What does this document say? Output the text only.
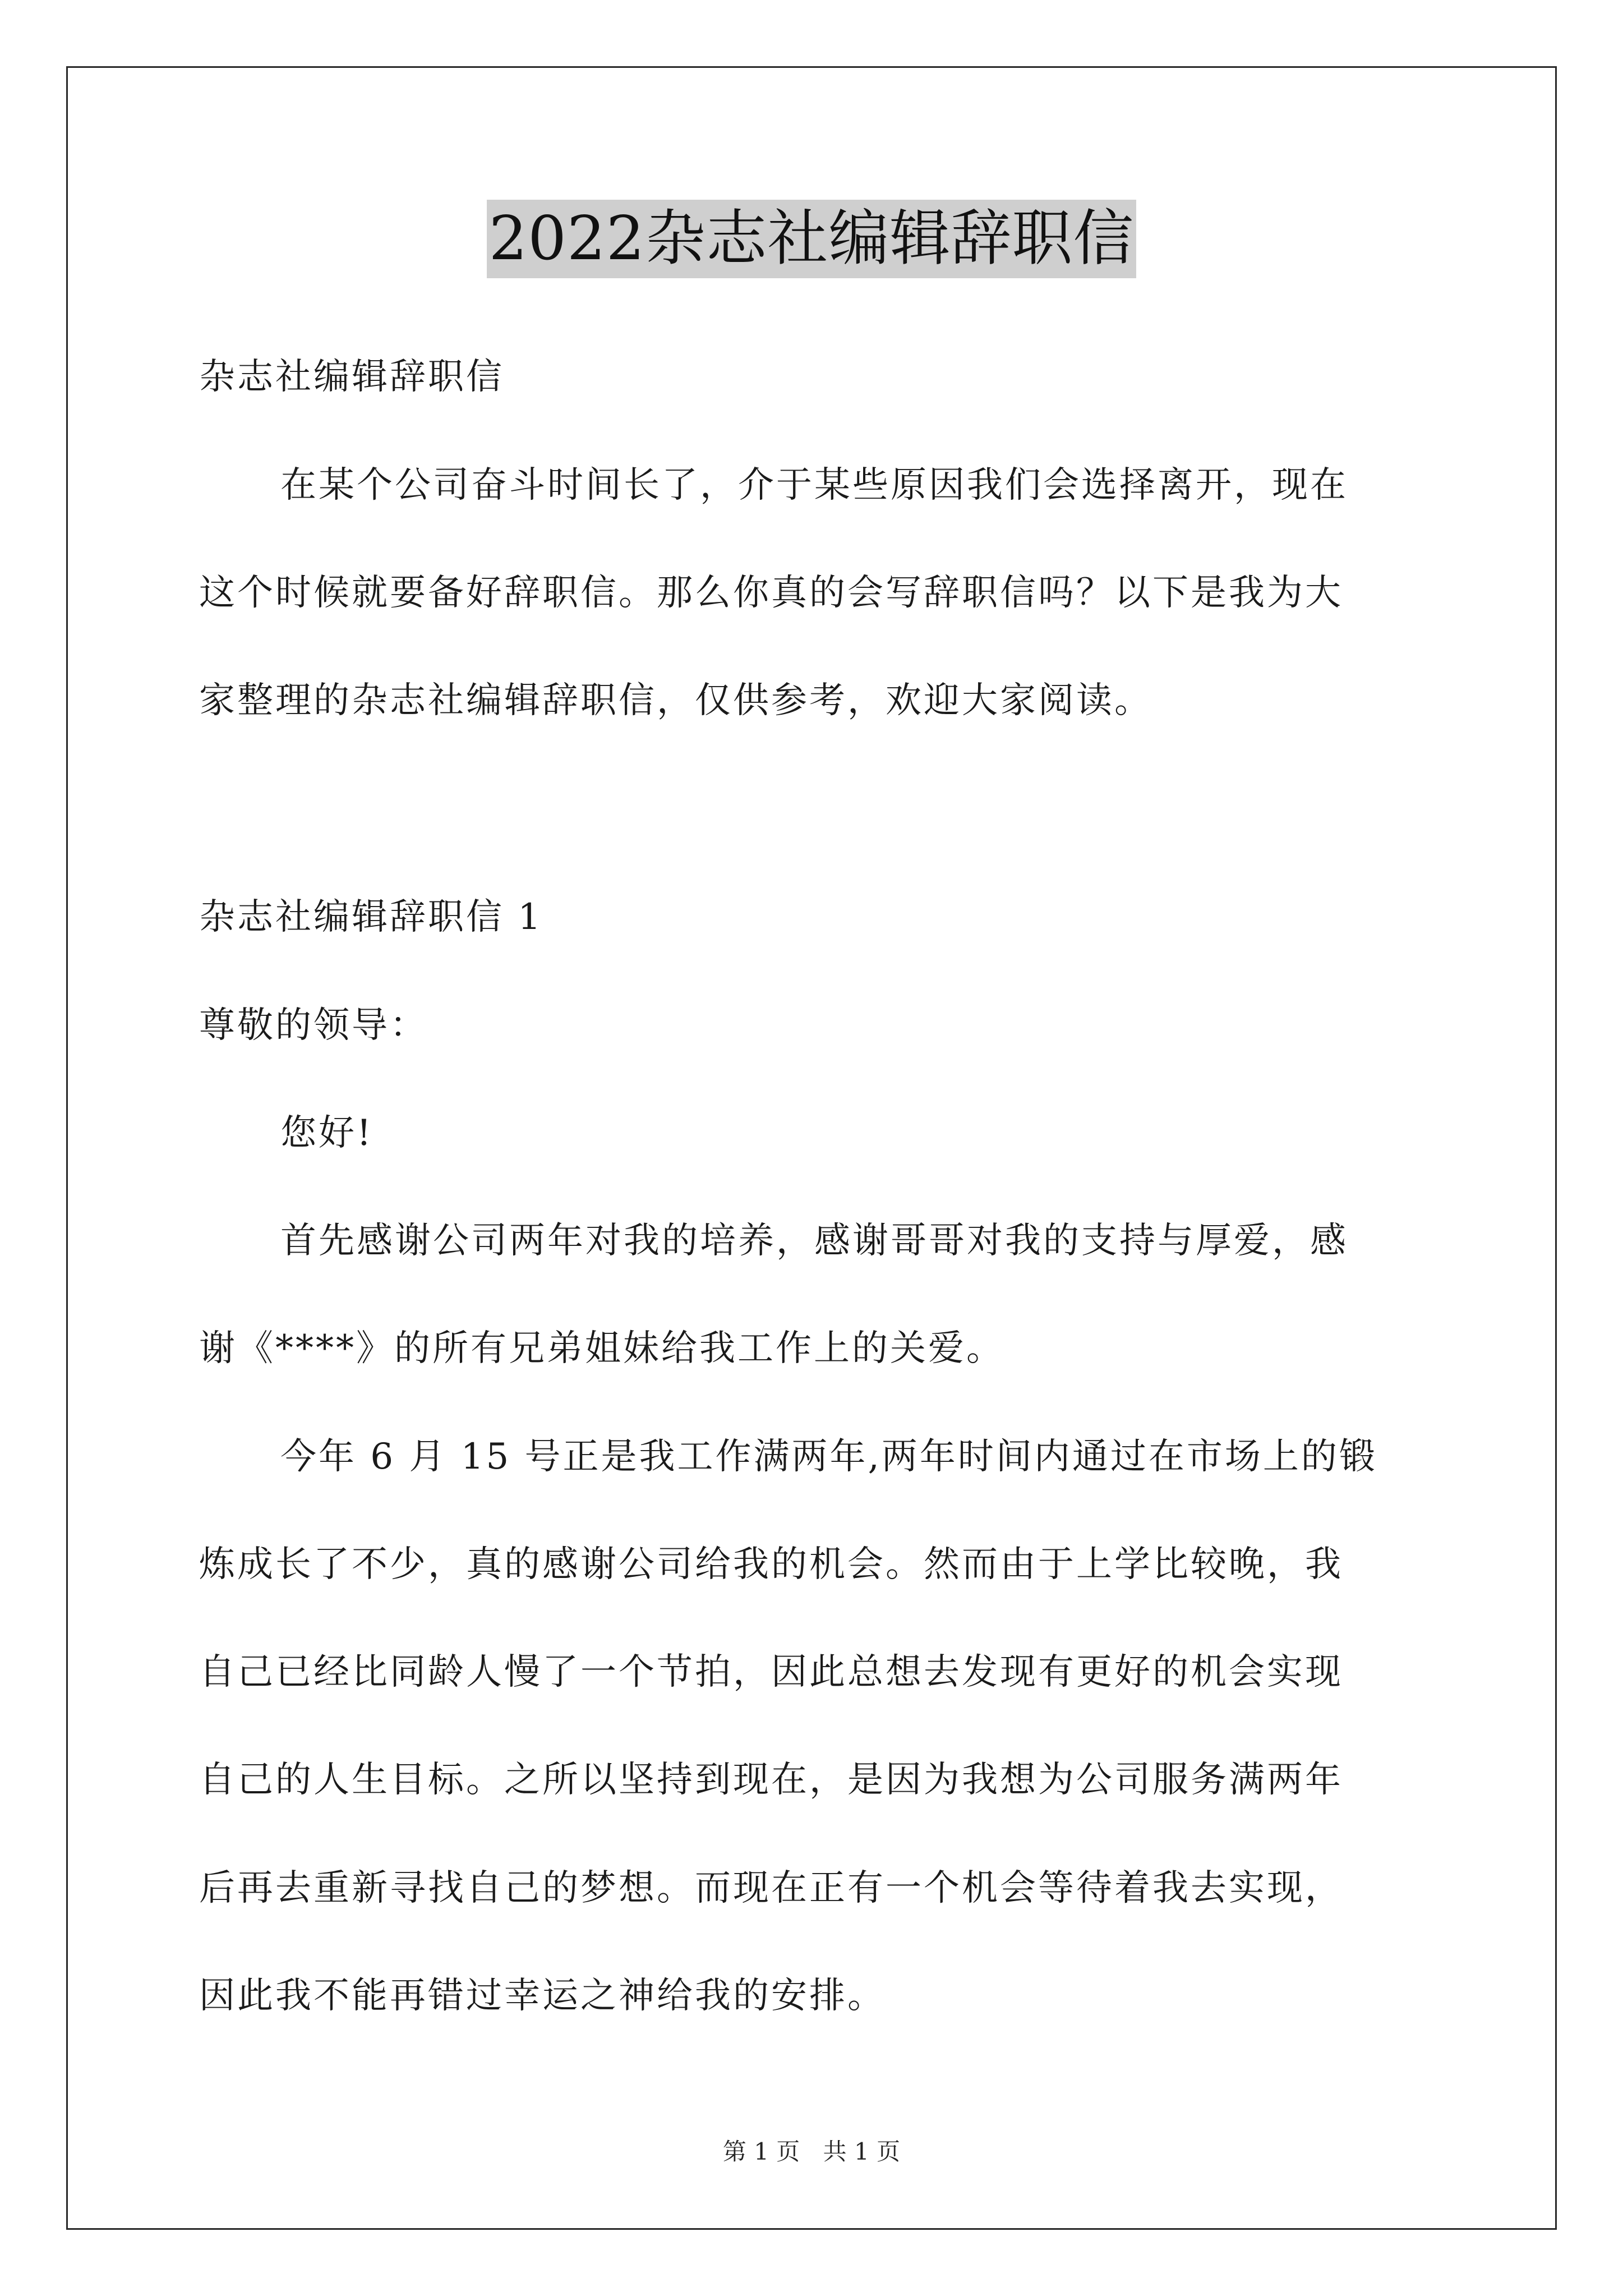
2022杂志社编辑辞职信
杂志社编辑辞职信
在某个公司奋斗时间长了，介于某些原因我们会选择离开，现在
这个时候就要备好辞职信。那么你真的会写辞职信吗？以下是我为大
家整理的杂志社编辑辞职信，仅供参考，欢迎大家阅读。
杂志社编辑辞职信 1
尊敬的领导：
您好!
首先感谢公司两年对我的培养，感谢哥哥对我的支持与厚爱，感
谢《****》的所有兄弟姐妹给我工作上的关爱。
今年 6 月 15 号正是我工作满两年,两年时间内通过在市场上的锻
炼成长了不少，真的感谢公司给我的机会。然而由于上学比较晚，我
自己已经比同龄人慢了一个节拍，因此总想去发现有更好的机会实现
自己的人生目标。之所以坚持到现在，是因为我想为公司服务满两年
后再去重新寻找自己的梦想。而现在正有一个机会等待着我去实现，
因此我不能再错过幸运之神给我的安排。
第 1 页 共 1 页
